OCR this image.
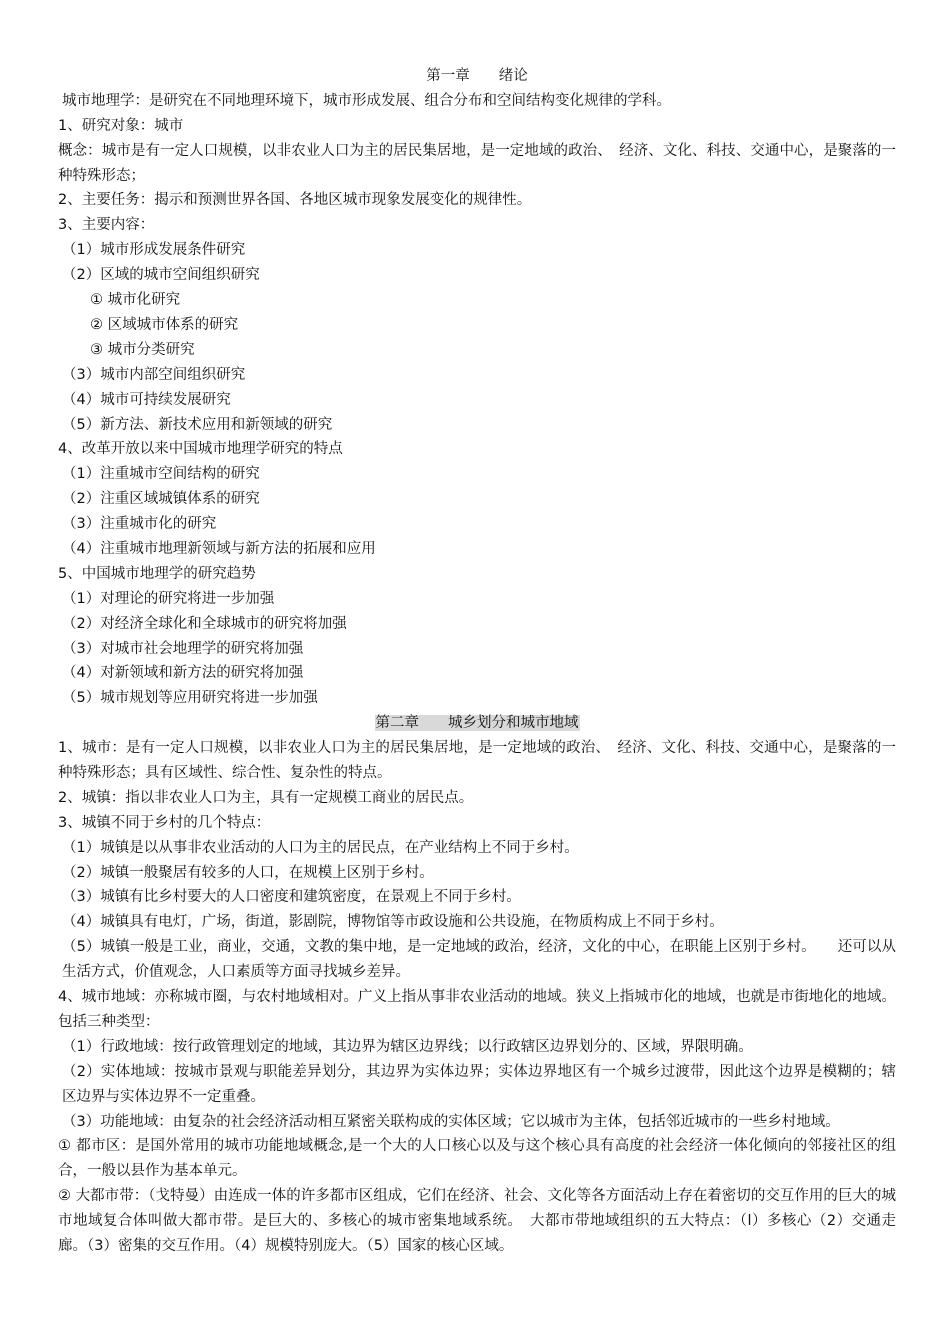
第一章　　绪论
城市地理学：是研究在不同地理环境下，城市形成发展、组合分布和空间结构变化规律的学科。
1、研究对象：城市
概念：城市是有一定人口规模，以非农业人口为主的居民集居地，是一定地域的政治、　经济、文化、科技、交通中心，是聚落的一种特殊形态；
2、主要任务：揭示和预测世界各国、各地区城市现象发展变化的规律性。
3、主要内容：
（1）城市形成发展条件研究
（2）区域的城市空间组织研究
① 城市化研究
② 区域城市体系的研究
③ 城市分类研究
（3）城市内部空间组织研究
（4）城市可持续发展研究
（5）新方法、新技术应用和新领域的研究
4、改革开放以来中国城市地理学研究的特点
（1）注重城市空间结构的研究
（2）注重区域城镇体系的研究
（3）注重城市化的研究
（4）注重城市地理新领域与新方法的拓展和应用
5、中国城市地理学的研究趋势
（1）对理论的研究将进一步加强
（2）对经济全球化和全球城市的研究将加强
（3）对城市社会地理学的研究将加强
（4）对新领域和新方法的研究将加强
（5）城市规划等应用研究将进一步加强
第二章　　城乡划分和城市地域
1、城市：是有一定人口规模，以非农业人口为主的居民集居地，是一定地域的政治、　经济、文化、科技、交通中心，是聚落的一种特殊形态；具有区域性、综合性、复杂性的特点。
2、城镇：指以非农业人口为主，具有一定规模工商业的居民点。
3、城镇不同于乡村的几个特点：
（1）城镇是以从事非农业活动的人口为主的居民点，在产业结构上不同于乡村。
（2）城镇一般聚居有较多的人口，在规模上区别于乡村。
（3）城镇有比乡村要大的人口密度和建筑密度，在景观上不同于乡村。
（4）城镇具有电灯，广场，街道，影剧院，博物馆等市政设施和公共设施，在物质构成上不同于乡村。
（5）城镇一般是工业，商业，交通，文教的集中地，是一定地域的政治，经济，文化的中心，在职能上区别于乡村。　　还可以从生活方式，价值观念，人口素质等方面寻找城乡差异。
4、城市地域：亦称城市圈，与农村地域相对。广义上指从事非农业活动的地域。狭义上指城市化的地域，也就是市街地化的地域。包括三种类型：
（1）行政地域：按行政管理划定的地域，其边界为辖区边界线；以行政辖区边界划分的、区域，界限明确。
（2）实体地域：按城市景观与职能差异划分，其边界为实体边界；实体边界地区有一个城乡过渡带，因此这个边界是模糊的；辖区边界与实体边界不一定重叠。
（3）功能地域：由复杂的社会经济活动相互紧密关联构成的实体区域；它以城市为主体，包括邻近城市的一些乡村地域。
① 都市区：是国外常用的城市功能地域概念,是一个大的人口核心以及与这个核心具有高度的社会经济一体化倾向的邻接社区的组合，一般以县作为基本单元。
② 大都市带：（戈特曼）由连成一体的许多都市区组成，它们在经济、社会、文化等各方面活动上存在着密切的交互作用的巨大的城市地域复合体叫做大都市带。是巨大的、多核心的城市密集地域系统。　大都市带地域组织的五大特点：（l）多核心（2）交通走廊。（3）密集的交互作用。（4）规模特别庞大。（5）国家的核心区域。
